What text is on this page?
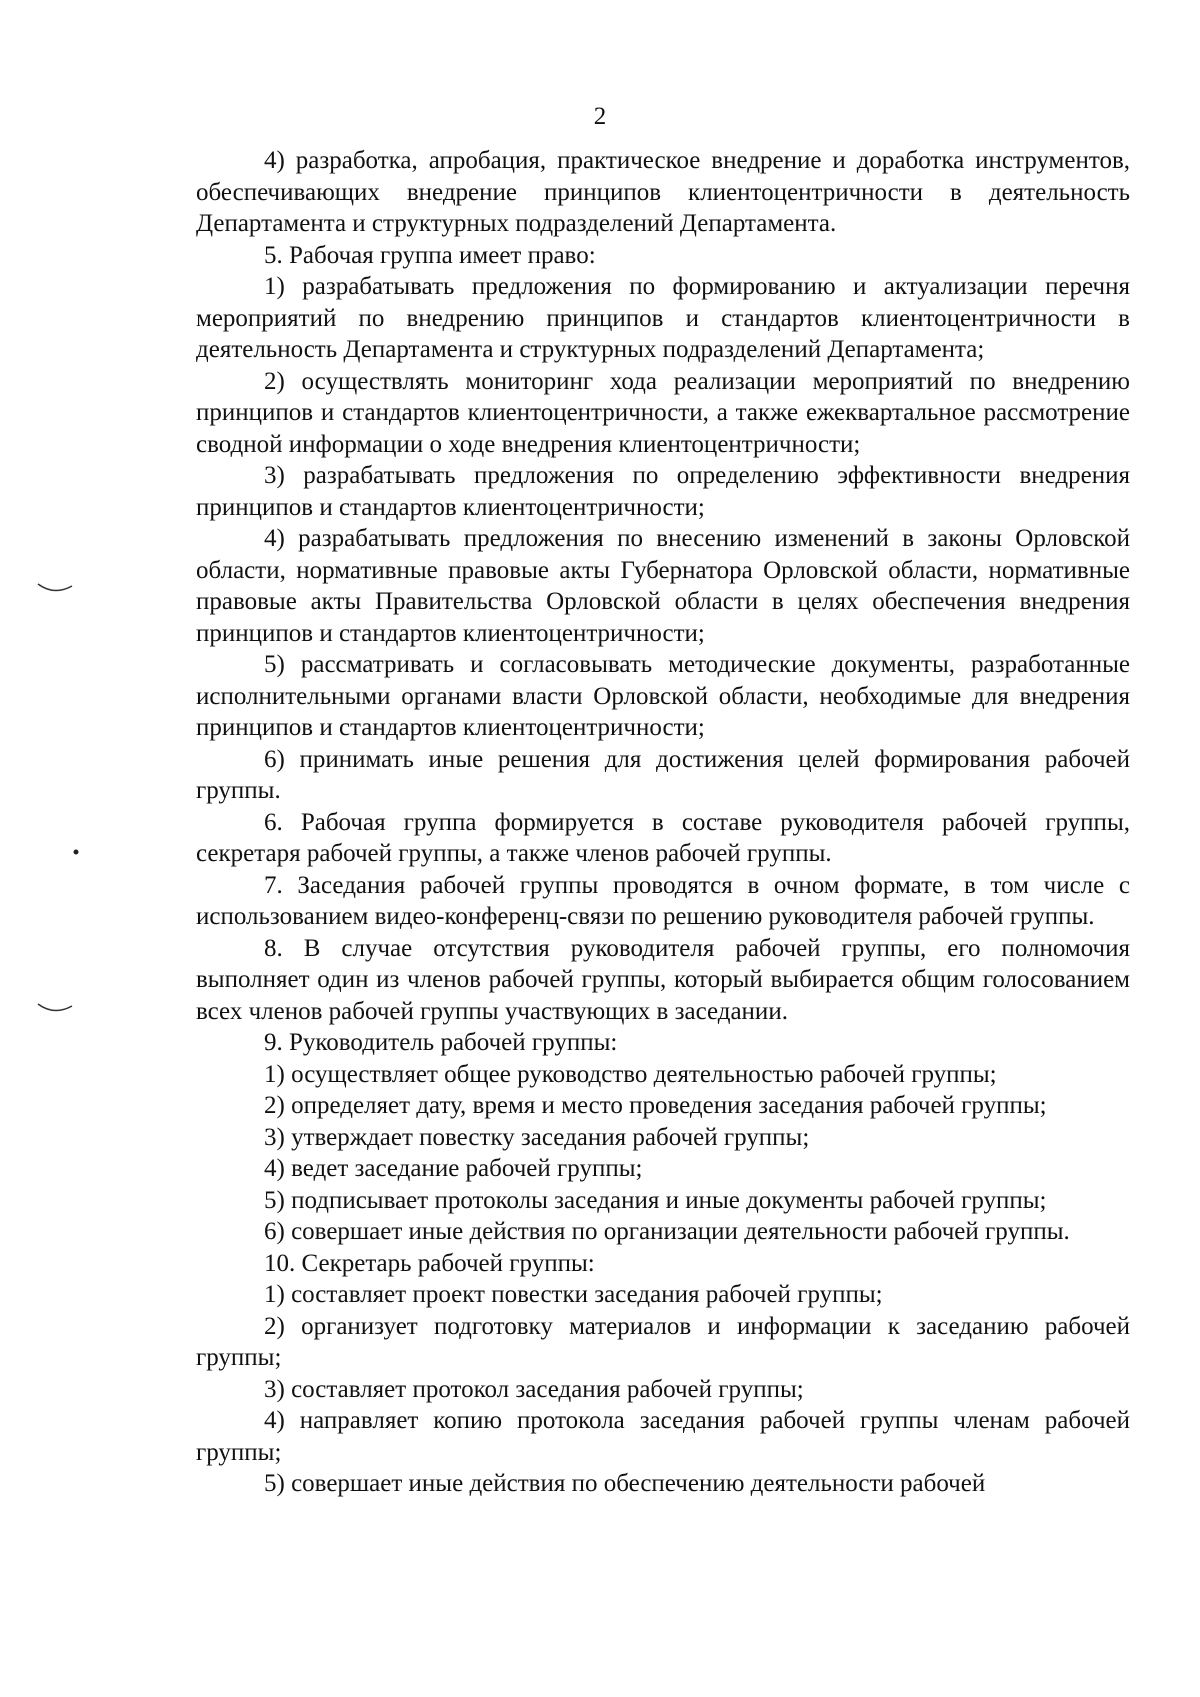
2

4) разработка, апробация, практическое внедрение и доработка инструментов, обеспечивающих внедрение принципов клиентоцентричности в деятельность Департамента и структурных подразделений Департамента.

5. Рабочая группа имеет право:

1) разрабатывать предложения по формированию и актуализации перечня мероприятий по внедрению принципов и стандартов клиентоцентричности в деятельность Департамента и структурных подразделений Департамента;

2) осуществлять мониторинг хода реализации мероприятий по внедрению принципов и стандартов клиентоцентричности, а также ежеквартальное рассмотрение сводной информации о ходе внедрения клиентоцентричности;

3) разрабатывать предложения по определению эффективности внедрения принципов и стандартов клиентоцентричности;

4) разрабатывать предложения по внесению изменений в законы Орловской области, нормативные правовые акты Губернатора Орловской области, нормативные правовые акты Правительства Орловской области в целях обеспечения внедрения принципов и стандартов клиентоцентричности;

5) рассматривать и согласовывать методические документы, разработанные исполнительными органами власти Орловской области, необходимые для внедрения принципов и стандартов клиентоцентричности;

6) принимать иные решения для достижения целей формирования рабочей группы.

6. Рабочая группа формируется в составе руководителя рабочей группы, секретаря рабочей группы, а также членов рабочей группы.

7. Заседания рабочей группы проводятся в очном формате, в том числе с использованием видео-конференц-связи по решению руководителя рабочей группы.

8. В случае отсутствия руководителя рабочей группы, его полномочия выполняет один из членов рабочей группы, который выбирается общим голосованием всех членов рабочей группы участвующих в заседании.

9. Руководитель рабочей группы:

1) осуществляет общее руководство деятельностью рабочей группы;

2) определяет дату, время и место проведения заседания рабочей группы;

3) утверждает повестку заседания рабочей группы;

4) ведет заседание рабочей группы;

5) подписывает протоколы заседания и иные документы рабочей группы;

6) совершает иные действия по организации деятельности рабочей группы.

10. Секретарь рабочей группы:

1) составляет проект повестки заседания рабочей группы;

2) организует подготовку материалов и информации к заседанию рабочей группы;

3) составляет протокол заседания рабочей группы;

4) направляет копию протокола заседания рабочей группы членам рабочей группы;

5) совершает иные действия по обеспечению деятельности рабочей
